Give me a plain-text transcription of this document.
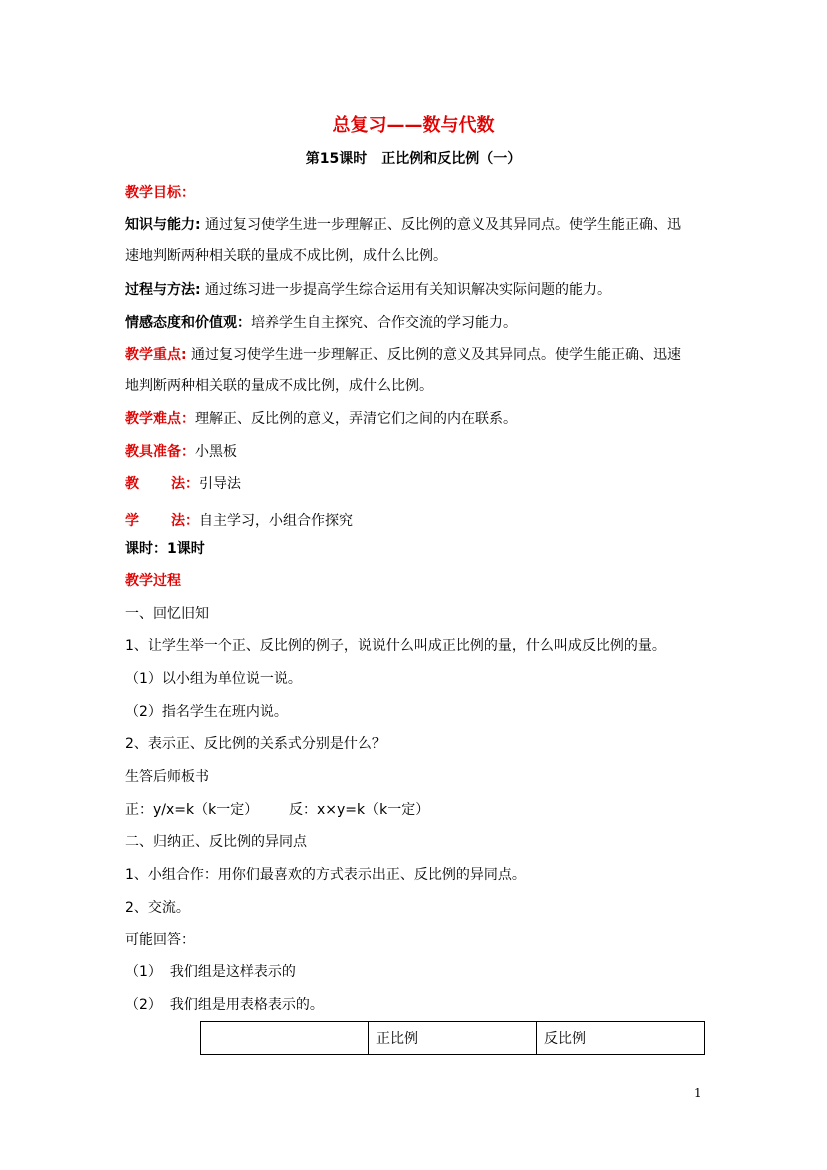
总复习——数与代数
第15课时　正比例和反比例（一）
教学目标：
知识与能力: 通过复习使学生进一步理解正、反比例的意义及其异同点。使学生能正确、迅
速地判断两种相关联的量成不成比例，成什么比例。
过程与方法: 通过练习进一步提高学生综合运用有关知识解决实际问题的能力。
情感态度和价值观：培养学生自主探究、合作交流的学习能力。
教学重点: 通过复习使学生进一步理解正、反比例的意义及其异同点。使学生能正确、迅速
地判断两种相关联的量成不成比例，成什么比例。
教学难点：理解正、反比例的意义，弄清它们之间的内在联系。
教具准备：小黑板
教 法：引导法
学 法：自主学习，小组合作探究
课时：1课时
教学过程
一、回忆旧知
1、让学生举一个正、反比例的例子，说说什么叫成正比例的量，什么叫成反比例的量。
（1）以小组为单位说一说。
（2）指名学生在班内说。
2、表示正、反比例的关系式分别是什么？
生答后师板书
正：y/x=k（k一定） 反：x×y=k（k一定）
二、归纳正、反比例的异同点
1、小组合作：用你们最喜欢的方式表示出正、反比例的异同点。
2、交流。
可能回答：
（1） 我们组是这样表示的
（2） 我们组是用表格表示的。
	正比例	反比例
1
